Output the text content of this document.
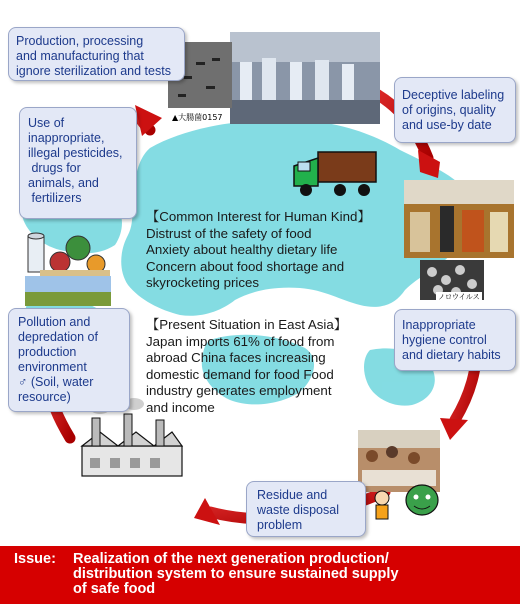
▲大腸菌0157
ノロウイルス
Production, processing
and manufacturing that
ignore sterilization and tests
Deceptive labeling
of origins, quality
and use-by date
Use of
inappropriate,
illegal pesticides,
drugs for
animals, and
fertilizers
Inappropriate
hygiene control
and dietary habits
Pollution and
depredation of
production
environment
♂ (Soil, water
resource)
Residue and
waste disposal
problem
【Common Interest for Human Kind】
Distrust of the safety of food
Anxiety about healthy dietary life
Concern about food shortage and
skyrocketing prices
【Present Situation in East Asia】
Japan imports 61% of food from
abroad China faces increasing
domestic demand for food Food
industry generates employment
and income
Issue: Realization of the next generation production/
distribution system to ensure sustained supply
of safe food
